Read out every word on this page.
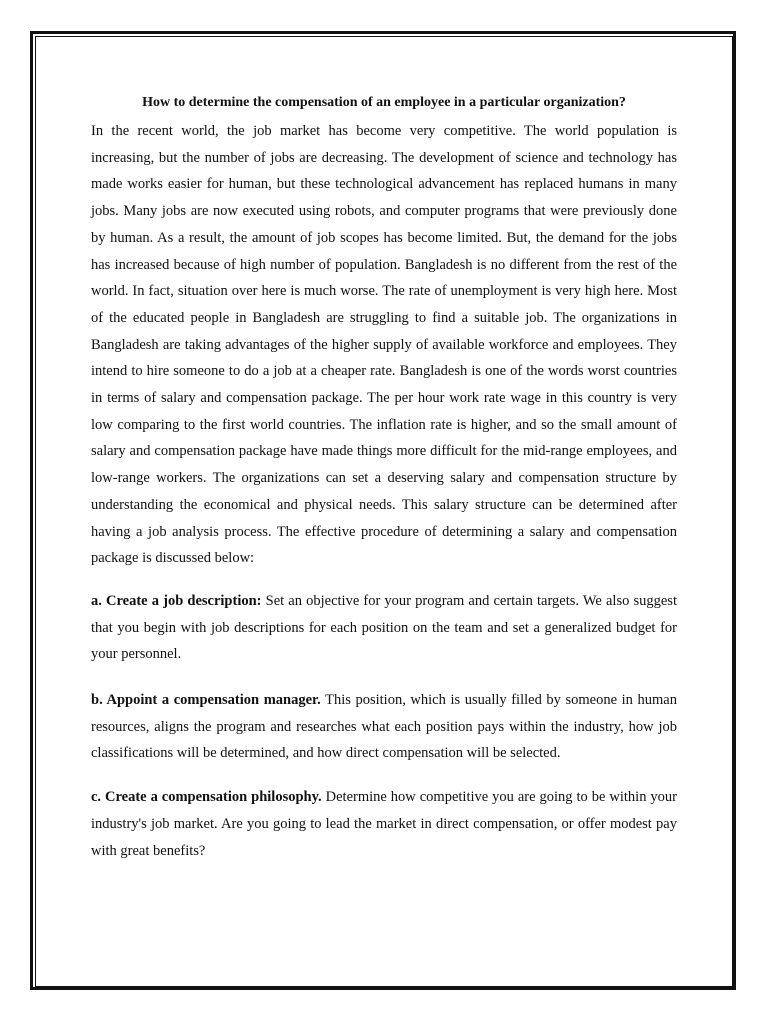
How to determine the compensation of an employee in a particular organization?

In the recent world, the job market has become very competitive. The world population is increasing, but the number of jobs are decreasing. The development of science and technology has made works easier for human, but these technological advancement has replaced humans in many jobs. Many jobs are now executed using robots, and computer programs that were previously done by human. As a result, the amount of job scopes has become limited. But, the demand for the jobs has increased because of high number of population. Bangladesh is no different from the rest of the world. In fact, situation over here is much worse. The rate of unemployment is very high here. Most of the educated people in Bangladesh are struggling to find a suitable job. The organizations in Bangladesh are taking advantages of the higher supply of available workforce and employees. They intend to hire someone to do a job at a cheaper rate. Bangladesh is one of the words worst countries in terms of salary and compensation package. The per hour work rate wage in this country is very low comparing to the first world countries. The inflation rate is higher, and so the small amount of salary and compensation package have made things more difficult for the mid-range employees, and low-range workers. The organizations can set a deserving salary and compensation structure by understanding the economical and physical needs. This salary structure can be determined after having a job analysis process. The effective procedure of determining a salary and compensation package is discussed below:

a. Create a job description: Set an objective for your program and certain targets. We also suggest that you begin with job descriptions for each position on the team and set a generalized budget for your personnel.

b. Appoint a compensation manager. This position, which is usually filled by someone in human resources, aligns the program and researches what each position pays within the industry, how job classifications will be determined, and how direct compensation will be selected.

c. Create a compensation philosophy. Determine how competitive you are going to be within your industry's job market. Are you going to lead the market in direct compensation, or offer modest pay with great benefits?
